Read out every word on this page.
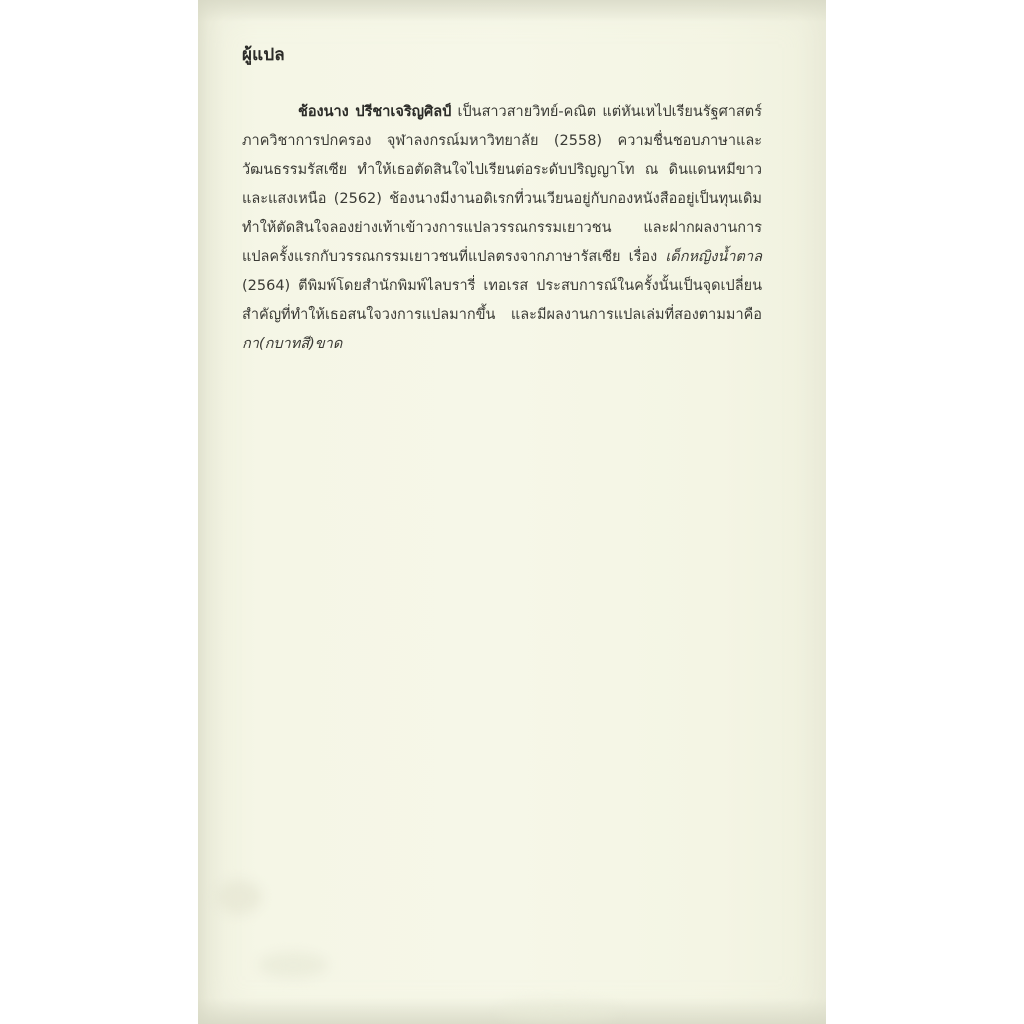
ผู้แปล

ช้องนาง ปรีชาเจริญศิลป์ เป็นสาวสายวิทย์-คณิต แต่หันเหไปเรียนรัฐศาสตร์ ภาควิชาการปกครอง จุฬาลงกรณ์มหาวิทยาลัย (2558) ความชื่นชอบภาษาและวัฒนธรรมรัสเซีย ทำให้เธอตัดสินใจไปเรียนต่อระดับปริญญาโท ณ ดินแดนหมีขาวและแสงเหนือ (2562) ช้องนางมีงานอดิเรกที่วนเวียนอยู่กับกองหนังสืออยู่เป็นทุนเดิม ทำให้ตัดสินใจลองย่างเท้าเข้าวงการแปลวรรณกรรมเยาวชน และฝากผลงานการแปลครั้งแรกกับวรรณกรรมเยาวชนที่แปลตรงจากภาษารัสเซีย เรื่อง เด็กหญิงน้ำตาล (2564) ตีพิมพ์โดยสำนักพิมพ์ไลบรารี่ เทอเรส ประสบการณ์ในครั้งนั้นเป็นจุดเปลี่ยนสำคัญที่ทำให้เธอสนใจวงการแปลมากขึ้น และมีผลงานการแปลเล่มที่สองตามมาคือ กา(กบาทสี)ขาด
